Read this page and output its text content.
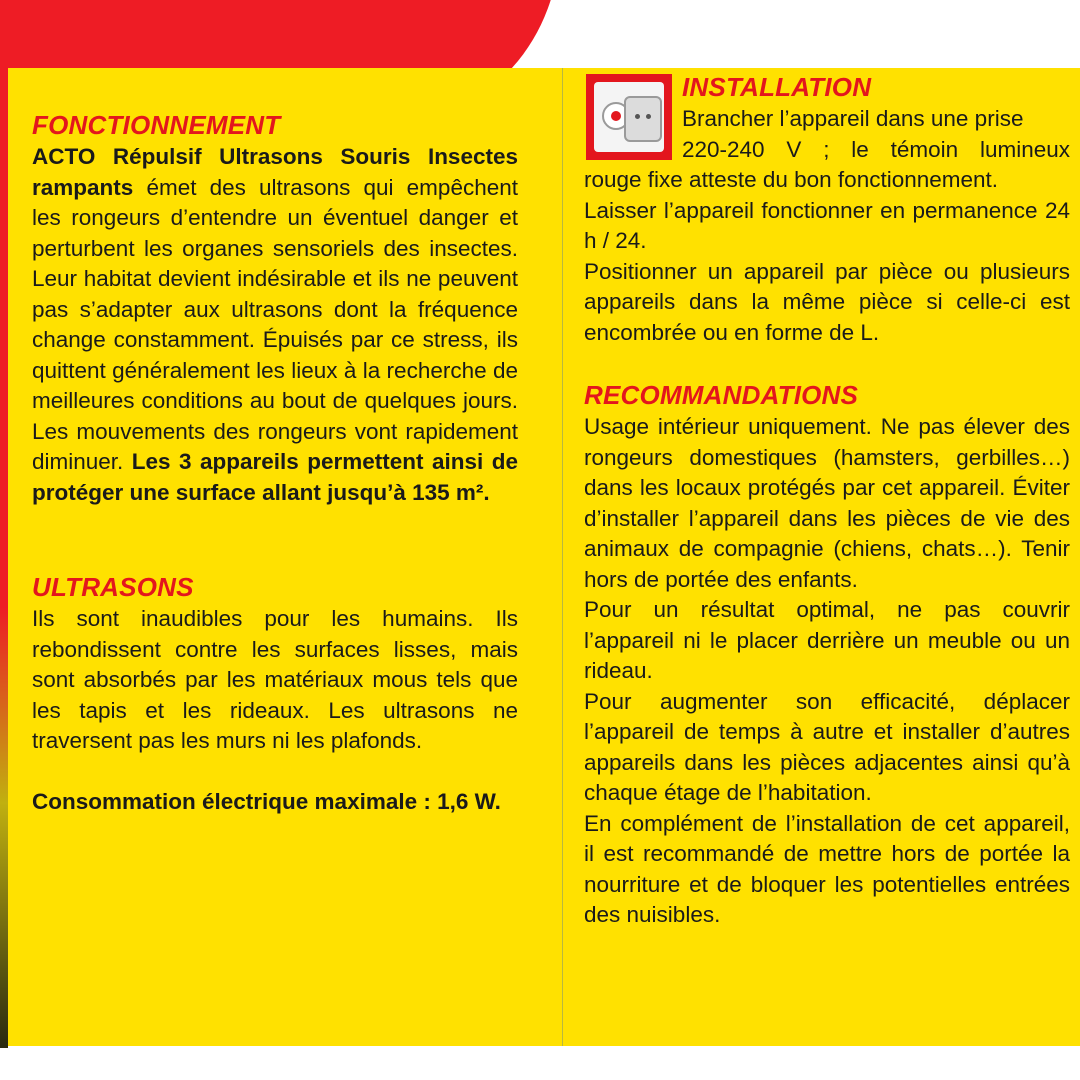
FONCTIONNEMENT

ACTO Répulsif Ultrasons Souris Insectes rampants émet des ultrasons qui empêchent les rongeurs d’entendre un éventuel danger et perturbent les organes sensoriels des insectes. Leur habitat devient indésirable et ils ne peuvent pas s’adapter aux ultrasons dont la fréquence change constamment. Épuisés par ce stress, ils quittent généralement les lieux à la recherche de meilleures conditions au bout de quelques jours. Les mouvements des rongeurs vont rapidement diminuer. Les 3 appareils permettent ainsi de protéger une surface allant jusqu’à 135 m².

ULTRASONS

Ils sont inaudibles pour les humains. Ils rebondissent contre les surfaces lisses, mais sont absorbés par les matériaux mous tels que les tapis et les rideaux. Les ultrasons ne traversent pas les murs ni les plafonds.

Consommation électrique maximale : 1,6 W.

INSTALLATION

Brancher l’appareil dans une prise

220-240 V ; le témoin lumineux

rouge fixe atteste du bon fonctionnement.

Laisser l’appareil fonctionner en permanence 24 h / 24.

Positionner un appareil par pièce ou plusieurs appareils dans la même pièce si celle-ci est encombrée ou en forme de L.

RECOMMANDATIONS

Usage intérieur uniquement. Ne pas élever des rongeurs domestiques (hamsters, gerbilles…) dans les locaux protégés par cet appareil. Éviter d’installer l’appareil dans les pièces de vie des animaux de compagnie (chiens, chats…). Tenir hors de portée des enfants.

Pour un résultat optimal, ne pas couvrir l’appareil ni le placer derrière un meuble ou un rideau.

Pour augmenter son efficacité, déplacer l’appareil de temps à autre et installer d’autres appareils dans les pièces adjacentes ainsi qu’à chaque étage de l’habitation.

En complément de l’installation de cet appareil, il est recommandé de mettre hors de portée la nourriture et de bloquer les potentielles entrées des nuisibles.
